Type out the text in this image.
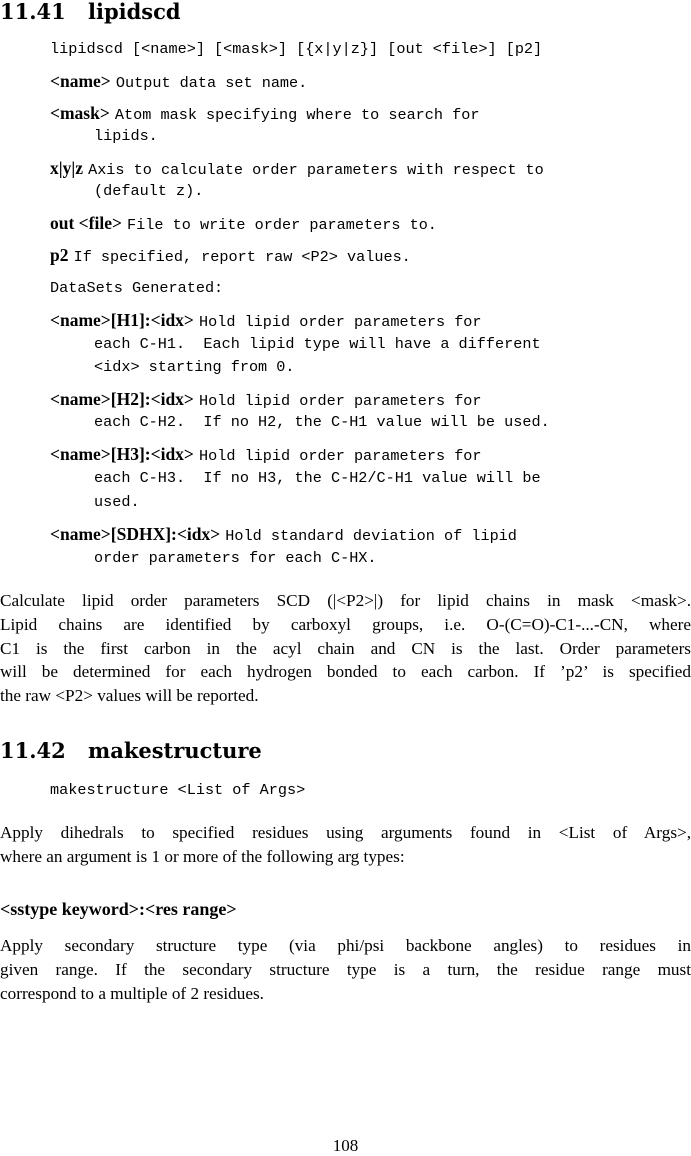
11.41 lipidscd
lipidscd [<name>] [<mask>] [{x|y|z}] [out <file>] [p2]
<name> Output data set name.
<mask> Atom mask specifying where to search for
lipids.
x|y|z Axis to calculate order parameters with respect to
(default z).
out <file> File to write order parameters to.
p2 If specified, report raw <P2> values.
DataSets Generated:
<name>[H1]:<idx> Hold lipid order parameters for
each C-H1.  Each lipid type will have a different
<idx> starting from 0.
<name>[H2]:<idx> Hold lipid order parameters for
each C-H2.  If no H2, the C-H1 value will be used.
<name>[H3]:<idx> Hold lipid order parameters for
each C-H3.  If no H3, the C-H2/C-H1 value will be
used.
<name>[SDHX]:<idx> Hold standard deviation of lipid
order parameters for each C-HX.

Calculate lipid order parameters SCD (|<P2>|) for lipid chains in mask <mask>.
Lipid chains are identified by carboxyl groups, i.e. O-(C=O)-C1-...-CN, where
C1 is the first carbon in the acyl chain and CN is the last. Order parameters
will be determined for each hydrogen bonded to each carbon. If ’p2’ is specified
the raw <P2> values will be reported.

11.42 makestructure
makestructure <List of Args>

Apply dihedrals to specified residues using arguments found in <List of Args>,
where an argument is 1 or more of the following arg types:

<sstype keyword>:<res range>

Apply secondary structure type (via phi/psi backbone angles) to residues in
given range. If the secondary structure type is a turn, the residue range must
correspond to a multiple of 2 residues.

108
